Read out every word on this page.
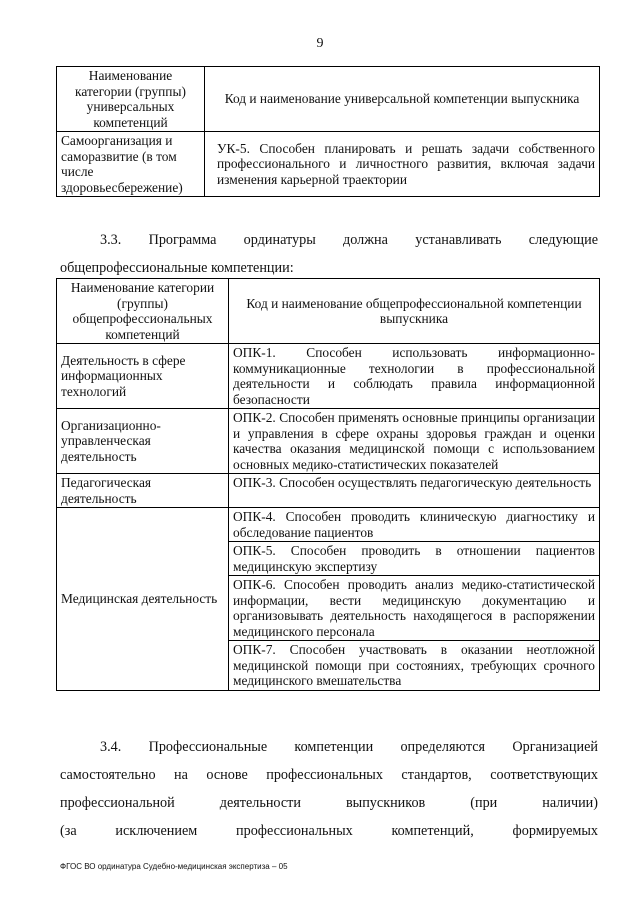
9
Наименование категории (группы) универсальных компетенций	Код и наименование универсальной компетенции выпускника
Самоорганизация и саморазвитие (в том числе здоровьесбережение)	УК-5. Способен планировать и решать задачи собственного профессионального и личностного развития, включая задачи изменения карьерной траектории
3.3. Программа ординатуры должна устанавливать следующие
общепрофессиональные компетенции:
Наименование категории (группы) общепрофессиональных компетенций	Код и наименование общепрофессиональной компетенции выпускника
Деятельность в сфере информационных технологий	ОПК-1. Способен использовать информационно-коммуникационные технологии в профессиональной деятельности и соблюдать правила информационной безопасности
Организационно-управленческая деятельность	ОПК-2. Способен применять основные принципы организации и управления в сфере охраны здоровья граждан и оценки качества оказания медицинской помощи с использованием основных медико-статистических показателей
Педагогическая деятельность	ОПК-3. Способен осуществлять педагогическую деятельность
Медицинская деятельность	ОПК-4. Способен проводить клиническую диагностику и обследование пациентов
	ОПК-5. Способен проводить в отношении пациентов медицинскую экспертизу
	ОПК-6. Способен проводить анализ медико-статистической информации, вести медицинскую документацию и организовывать деятельность находящегося в распоряжении медицинского персонала
	ОПК-7. Способен участвовать в оказании неотложной медицинской помощи при состояниях, требующих срочного медицинского вмешательства
3.4. Профессиональные компетенции определяются Организацией
самостоятельно на основе профессиональных стандартов, соответствующих
профессиональной деятельности выпускников (при наличии)
(за исключением профессиональных компетенций, формируемых
ФГОС ВО ординатура Судебно-медицинская экспертиза – 05
